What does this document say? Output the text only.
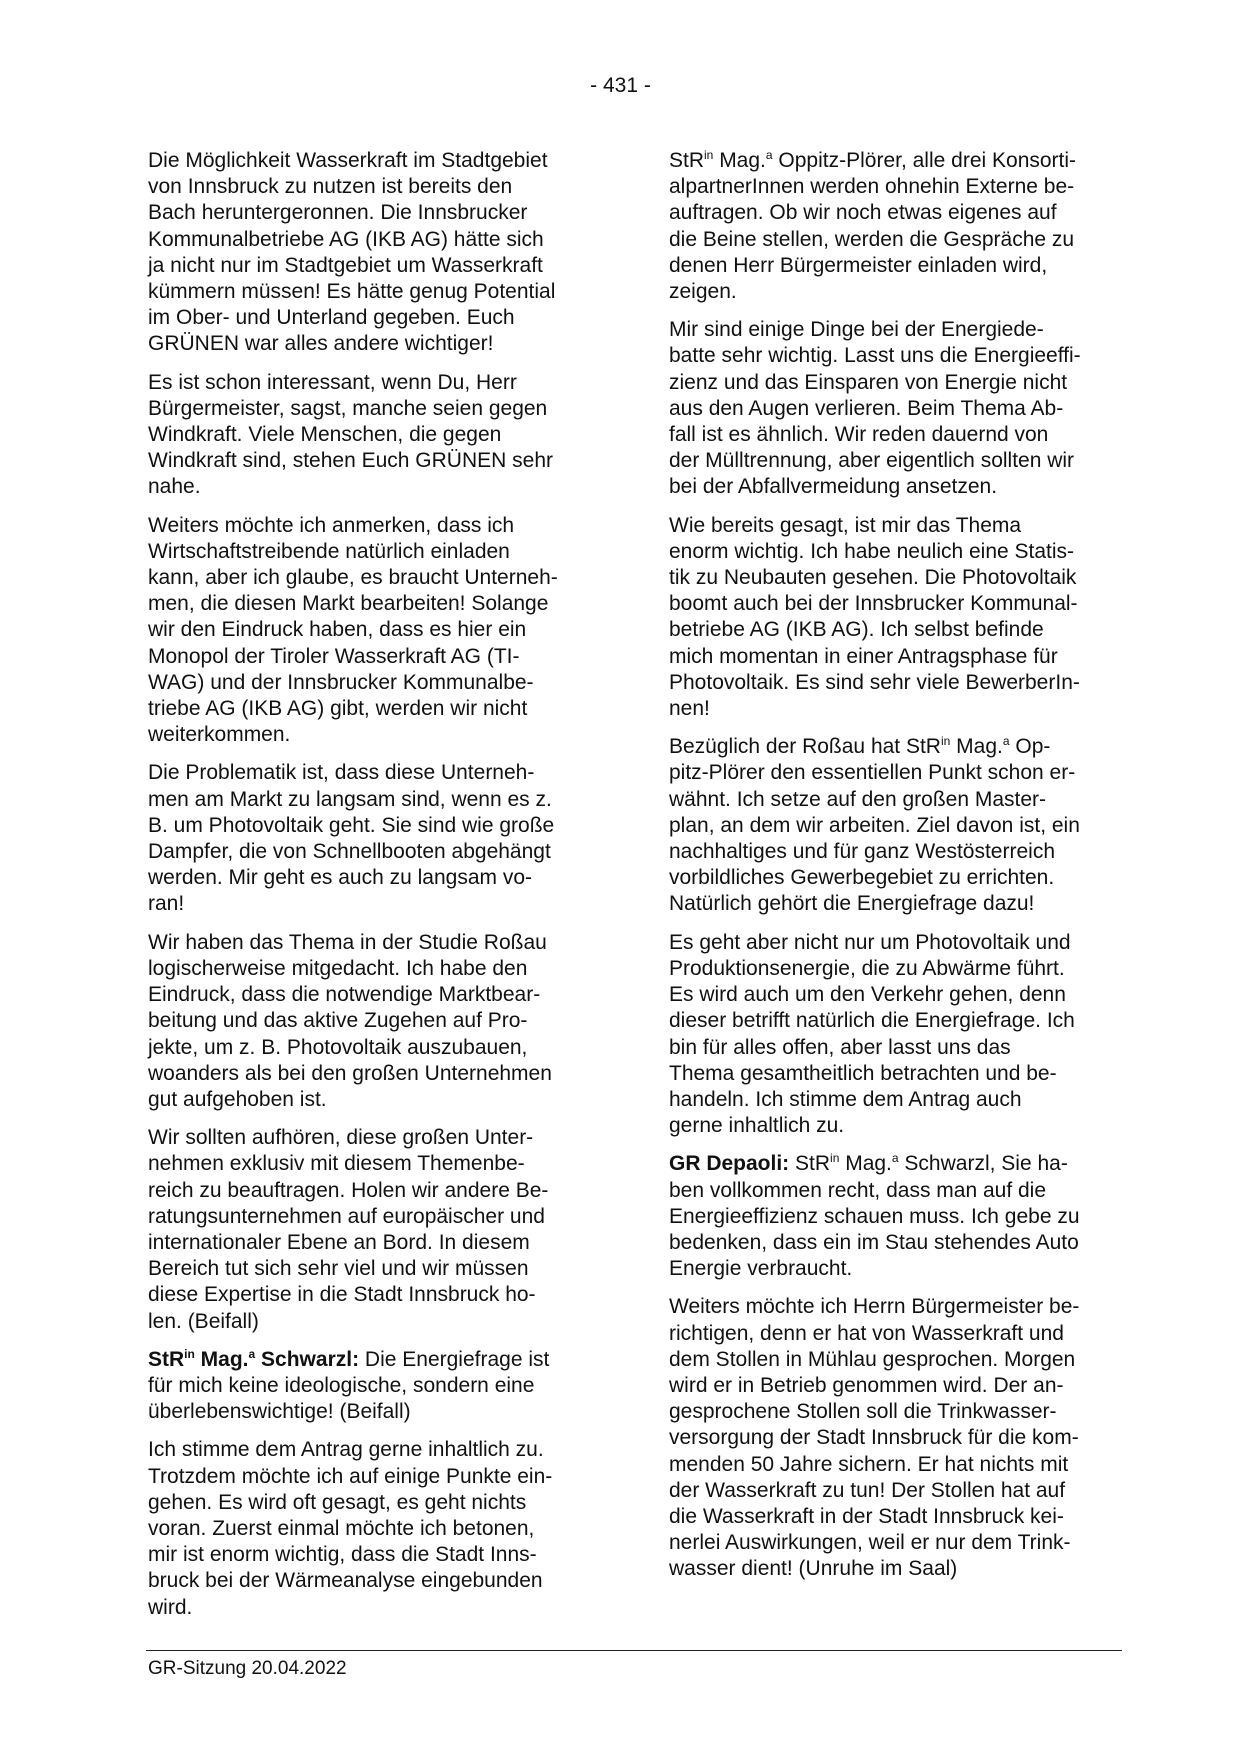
- 431 -

Die Möglichkeit Wasserkraft im Stadtgebiet
von Innsbruck zu nutzen ist bereits den
Bach heruntergeronnen. Die Innsbrucker
Kommunalbetriebe AG (IKB AG) hätte sich
ja nicht nur im Stadtgebiet um Wasserkraft
kümmern müssen! Es hätte genug Potential
im Ober- und Unterland gegeben. Euch
GRÜNEN war alles andere wichtiger!

Es ist schon interessant, wenn Du, Herr
Bürgermeister, sagst, manche seien gegen
Windkraft. Viele Menschen, die gegen
Windkraft sind, stehen Euch GRÜNEN sehr
nahe.

Weiters möchte ich anmerken, dass ich
Wirtschaftstreibende natürlich einladen
kann, aber ich glaube, es braucht Unterneh-
men, die diesen Markt bearbeiten! Solange
wir den Eindruck haben, dass es hier ein
Monopol der Tiroler Wasserkraft AG (TI-
WAG) und der Innsbrucker Kommunalbe-
triebe AG (IKB AG) gibt, werden wir nicht
weiterkommen.

Die Problematik ist, dass diese Unterneh-
men am Markt zu langsam sind, wenn es z.
B. um Photovoltaik geht. Sie sind wie große
Dampfer, die von Schnellbooten abgehängt
werden. Mir geht es auch zu langsam vo-
ran!

Wir haben das Thema in der Studie Roßau
logischerweise mitgedacht. Ich habe den
Eindruck, dass die notwendige Marktbear-
beitung und das aktive Zugehen auf Pro-
jekte, um z. B. Photovoltaik auszubauen,
woanders als bei den großen Unternehmen
gut aufgehoben ist.

Wir sollten aufhören, diese großen Unter-
nehmen exklusiv mit diesem Themenbe-
reich zu beauftragen. Holen wir andere Be-
ratungsunternehmen auf europäischer und
internationaler Ebene an Bord. In diesem
Bereich tut sich sehr viel und wir müssen
diese Expertise in die Stadt Innsbruck ho-
len. (Beifall)

StR$^{in}$ Mag.$^a$ Schwarzl: Die Energiefrage ist
für mich keine ideologische, sondern eine
überlebenswichtige! (Beifall)

Ich stimme dem Antrag gerne inhaltlich zu.
Trotzdem möchte ich auf einige Punkte ein-
gehen. Es wird oft gesagt, es geht nichts
voran. Zuerst einmal möchte ich betonen,
mir ist enorm wichtig, dass die Stadt Inns-
bruck bei der Wärmeanalyse eingebunden
wird.

StR$^{in}$ Mag.$^a$ Oppitz-Plörer, alle drei Konsorti-
alpartnerInnen werden ohnehin Externe be-
auftragen. Ob wir noch etwas eigenes auf
die Beine stellen, werden die Gespräche zu
denen Herr Bürgermeister einladen wird,
zeigen.

Mir sind einige Dinge bei der Energiede-
batte sehr wichtig. Lasst uns die Energieeffi-
zienz und das Einsparen von Energie nicht
aus den Augen verlieren. Beim Thema Ab-
fall ist es ähnlich. Wir reden dauernd von
der Mülltrennung, aber eigentlich sollten wir
bei der Abfallvermeidung ansetzen.

Wie bereits gesagt, ist mir das Thema
enorm wichtig. Ich habe neulich eine Statis-
tik zu Neubauten gesehen. Die Photovoltaik
boomt auch bei der Innsbrucker Kommunal-
betriebe AG (IKB AG). Ich selbst befinde
mich momentan in einer Antragsphase für
Photovoltaik. Es sind sehr viele BewerberIn-
nen!

Bezüglich der Roßau hat StR$^{in}$ Mag.$^a$ Op-
pitz-Plörer den essentiellen Punkt schon er-
wähnt. Ich setze auf den großen Master-
plan, an dem wir arbeiten. Ziel davon ist, ein
nachhaltiges und für ganz Westösterreich
vorbildliches Gewerbegebiet zu errichten.
Natürlich gehört die Energiefrage dazu!

Es geht aber nicht nur um Photovoltaik und
Produktionsenergie, die zu Abwärme führt.
Es wird auch um den Verkehr gehen, denn
dieser betrifft natürlich die Energiefrage. Ich
bin für alles offen, aber lasst uns das
Thema gesamtheitlich betrachten und be-
handeln. Ich stimme dem Antrag auch
gerne inhaltlich zu.

GR Depaoli: StR$^{in}$ Mag.$^a$ Schwarzl, Sie ha-
ben vollkommen recht, dass man auf die
Energieeffizienz schauen muss. Ich gebe zu
bedenken, dass ein im Stau stehendes Auto
Energie verbraucht.

Weiters möchte ich Herrn Bürgermeister be-
richtigen, denn er hat von Wasserkraft und
dem Stollen in Mühlau gesprochen. Morgen
wird er in Betrieb genommen wird. Der an-
gesprochene Stollen soll die Trinkwasser-
versorgung der Stadt Innsbruck für die kom-
menden 50 Jahre sichern. Er hat nichts mit
der Wasserkraft zu tun! Der Stollen hat auf
die Wasserkraft in der Stadt Innsbruck kei-
nerlei Auswirkungen, weil er nur dem Trink-
wasser dient! (Unruhe im Saal)

GR-Sitzung 20.04.2022
